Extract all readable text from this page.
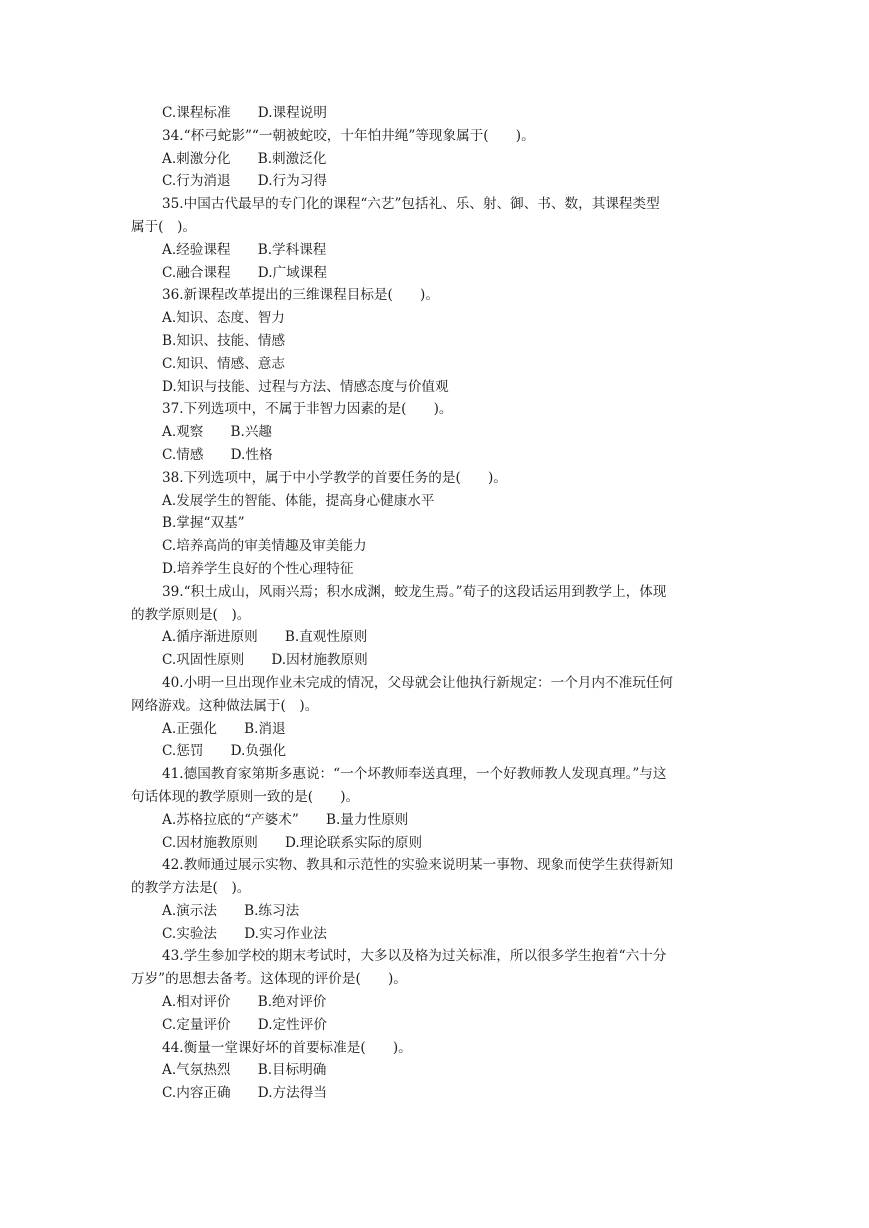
C.课程标准　　D.课程说明
34.“杯弓蛇影”“一朝被蛇咬，十年怕井绳”等现象属于(　　)。
A.刺激分化　　B.刺激泛化
C.行为消退　　D.行为习得
35.中国古代最早的专门化的课程“六艺”包括礼、乐、射、御、书、数，其课程类型
属于(　)。
A.经验课程　　B.学科课程
C.融合课程　　D.广域课程
36.新课程改革提出的三维课程目标是(　　)。
A.知识、态度、智力
B.知识、技能、情感
C.知识、情感、意志
D.知识与技能、过程与方法、情感态度与价值观
37.下列选项中，不属于非智力因素的是(　　)。
A.观察　　B.兴趣
C.情感　　D.性格
38.下列选项中，属于中小学教学的首要任务的是(　　)。
A.发展学生的智能、体能，提高身心健康水平
B.掌握“双基”
C.培养高尚的审美情趣及审美能力
D.培养学生良好的个性心理特征
39.“积土成山，风雨兴焉；积水成渊，蛟龙生焉。”荀子的这段话运用到教学上，体现
的教学原则是(　)。
A.循序渐进原则　　B.直观性原则
C.巩固性原则　　D.因材施教原则
40.小明一旦出现作业未完成的情况，父母就会让他执行新规定：一个月内不准玩任何
网络游戏。这种做法属于(　)。
A.正强化　　B.消退
C.惩罚　　D.负强化
41.德国教育家第斯多惠说：“一个坏教师奉送真理，一个好教师教人发现真理。”与这
句话体现的教学原则一致的是(　　)。
A.苏格拉底的“产婆术”　　B.量力性原则
C.因材施教原则　　D.理论联系实际的原则
42.教师通过展示实物、教具和示范性的实验来说明某一事物、现象而使学生获得新知
的教学方法是(　)。
A.演示法　　B.练习法
C.实验法　　D.实习作业法
43.学生参加学校的期末考试时，大多以及格为过关标准，所以很多学生抱着“六十分
万岁”的思想去备考。这体现的评价是(　　)。
A.相对评价　　B.绝对评价
C.定量评价　　D.定性评价
44.衡量一堂课好坏的首要标准是(　　)。
A.气氛热烈　　B.目标明确
C.内容正确　　D.方法得当
